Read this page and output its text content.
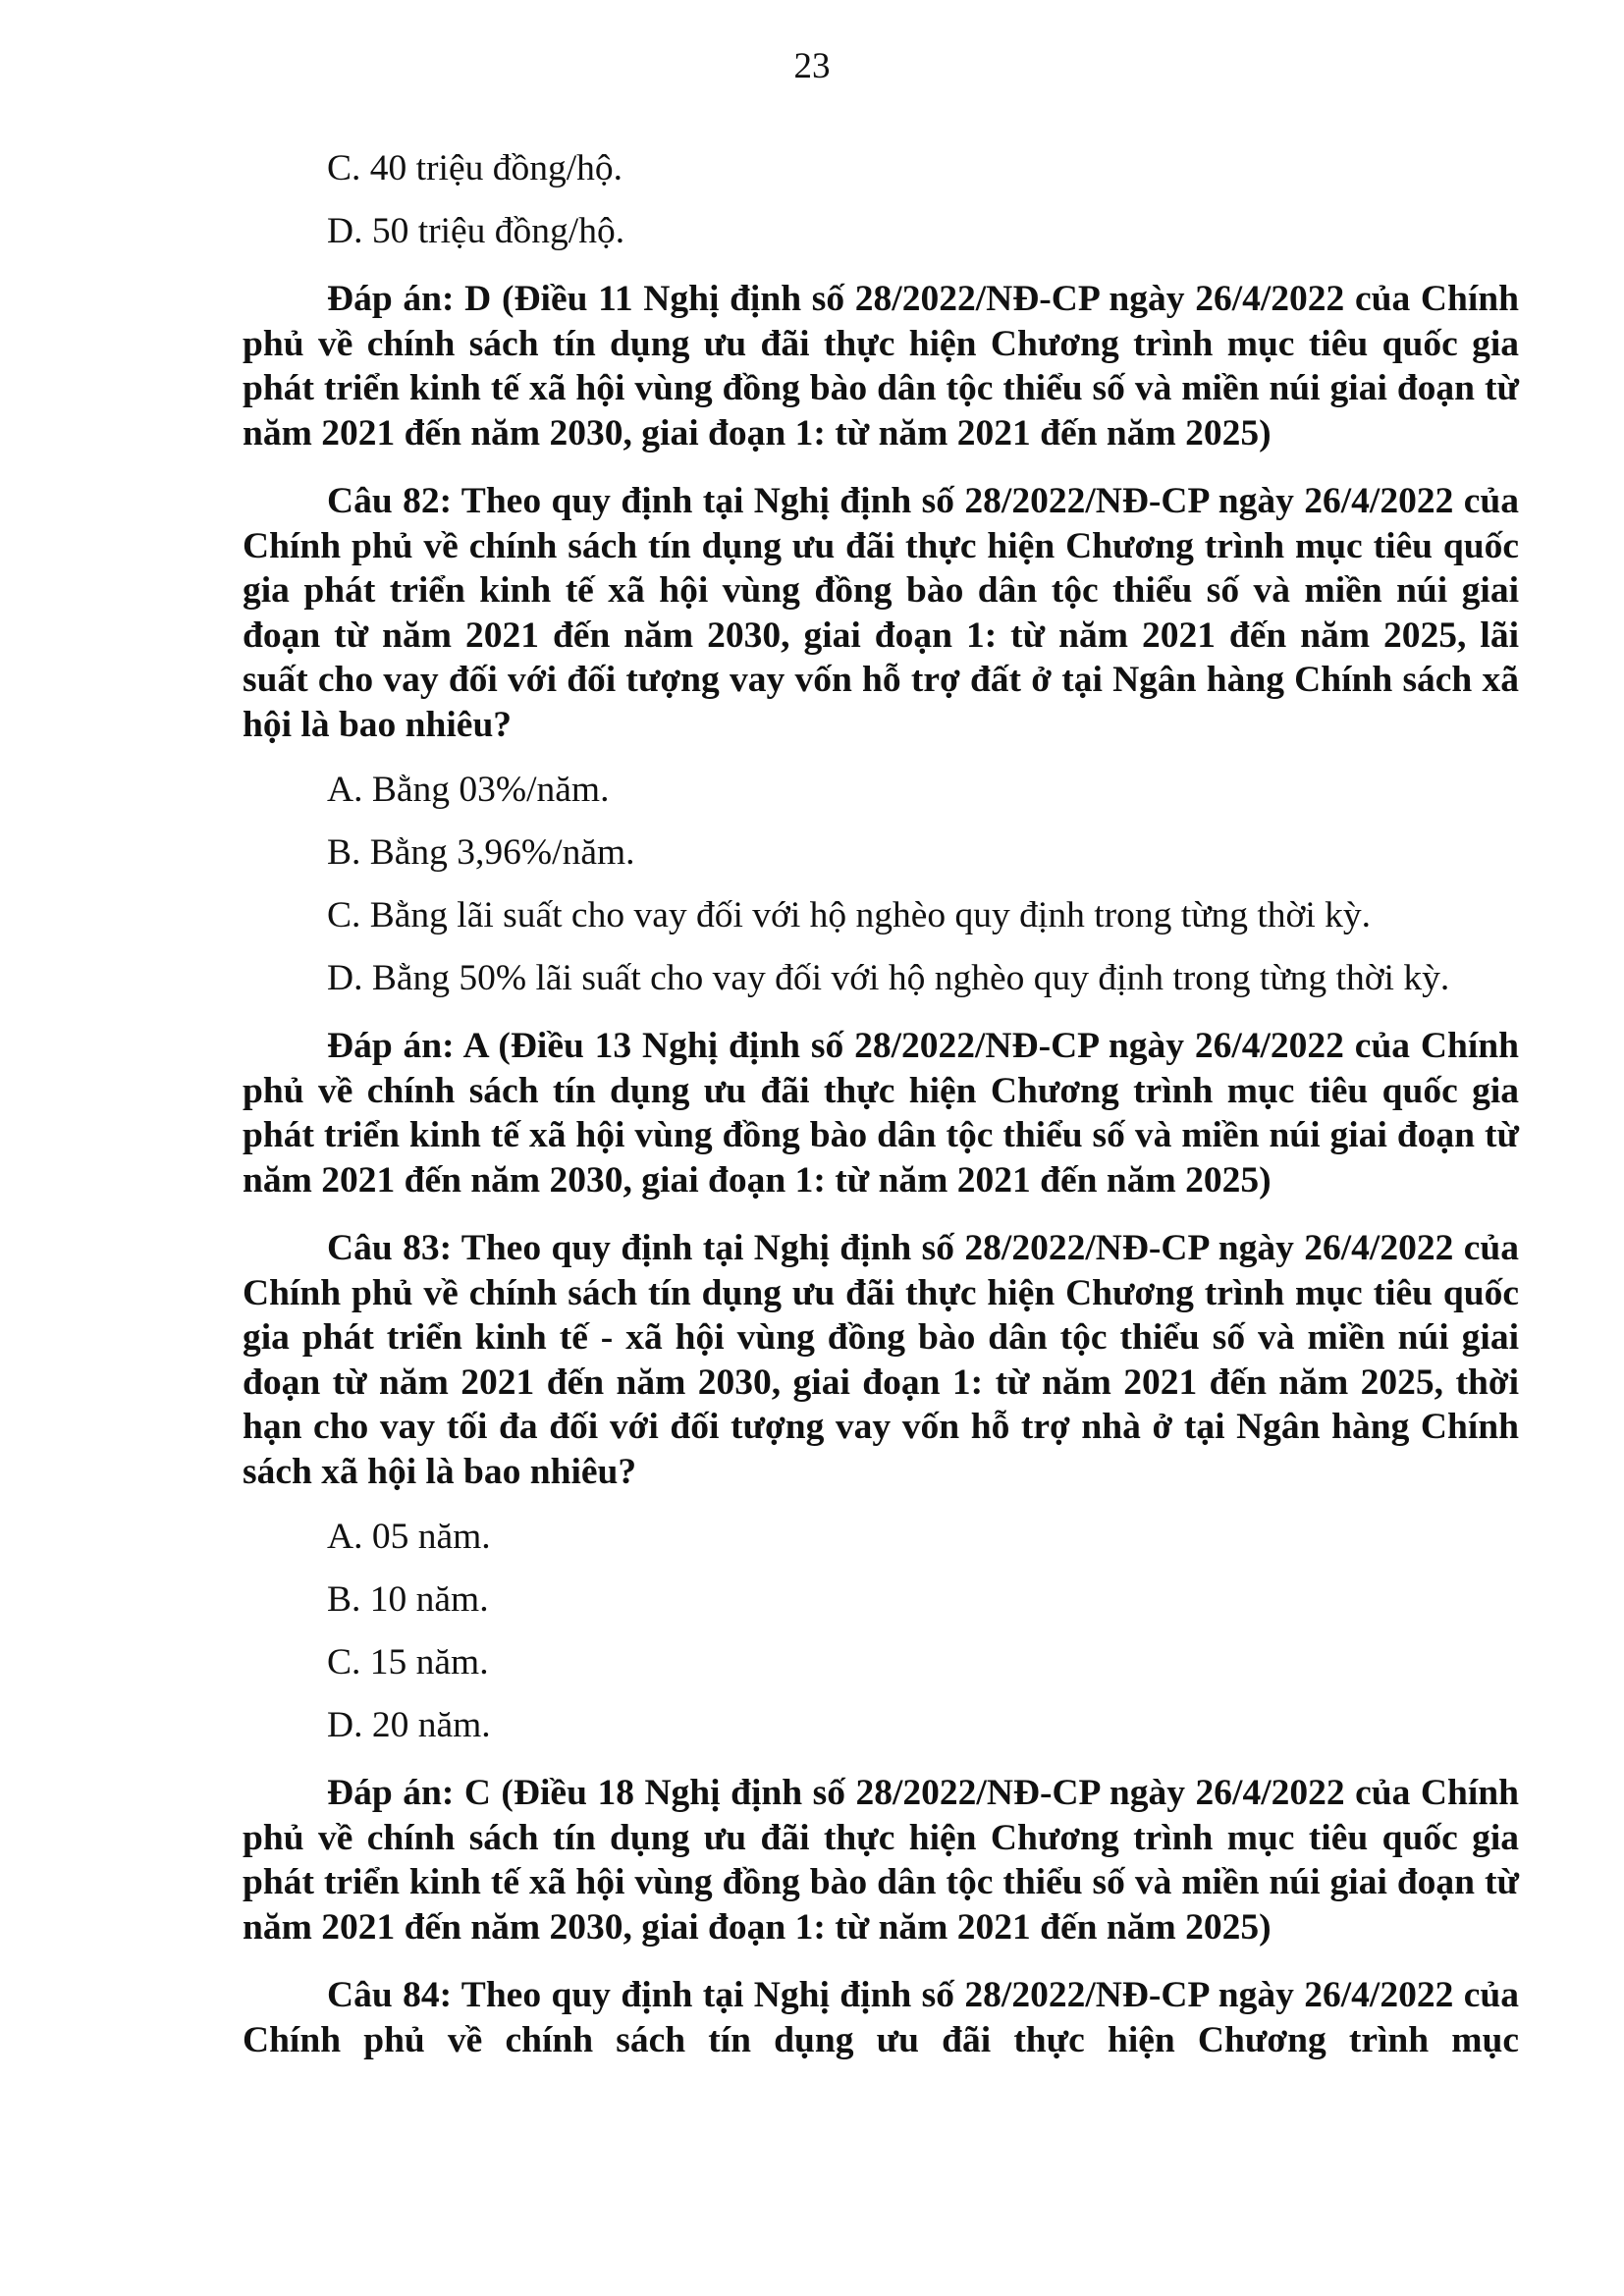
23
C. 40 triệu đồng/hộ.
D. 50 triệu đồng/hộ.
Đáp án: D (Điều 11 Nghị định số 28/2022/NĐ-CP ngày 26/4/2022 của Chính phủ về chính sách tín dụng ưu đãi thực hiện Chương trình mục tiêu quốc gia phát triển kinh tế xã hội vùng đồng bào dân tộc thiểu số và miền núi giai đoạn từ năm 2021 đến năm 2030, giai đoạn 1: từ năm 2021 đến năm 2025)
Câu 82: Theo quy định tại Nghị định số 28/2022/NĐ-CP ngày 26/4/2022 của Chính phủ về chính sách tín dụng ưu đãi thực hiện Chương trình mục tiêu quốc gia phát triển kinh tế xã hội vùng đồng bào dân tộc thiểu số và miền núi giai đoạn từ năm 2021 đến năm 2030, giai đoạn 1: từ năm 2021 đến năm 2025, lãi suất cho vay đối với đối tượng vay vốn hỗ trợ đất ở tại Ngân hàng Chính sách xã hội là bao nhiêu?
A. Bằng 03%/năm.
B. Bằng 3,96%/năm.
C. Bằng lãi suất cho vay đối với hộ nghèo quy định trong từng thời kỳ.
D. Bằng 50% lãi suất cho vay đối với hộ nghèo quy định trong từng thời kỳ.
Đáp án: A (Điều 13 Nghị định số 28/2022/NĐ-CP ngày 26/4/2022 của Chính phủ về chính sách tín dụng ưu đãi thực hiện Chương trình mục tiêu quốc gia phát triển kinh tế xã hội vùng đồng bào dân tộc thiểu số và miền núi giai đoạn từ năm 2021 đến năm 2030, giai đoạn 1: từ năm 2021 đến năm 2025)
Câu 83: Theo quy định tại Nghị định số 28/2022/NĐ-CP ngày 26/4/2022 của Chính phủ về chính sách tín dụng ưu đãi thực hiện Chương trình mục tiêu quốc gia phát triển kinh tế - xã hội vùng đồng bào dân tộc thiểu số và miền núi giai đoạn từ năm 2021 đến năm 2030, giai đoạn 1: từ năm 2021 đến năm 2025, thời hạn cho vay tối đa đối với đối tượng vay vốn hỗ trợ nhà ở tại Ngân hàng Chính sách xã hội là bao nhiêu?
A. 05 năm.
B. 10 năm.
C. 15 năm.
D. 20 năm.
Đáp án: C (Điều 18 Nghị định số 28/2022/NĐ-CP ngày 26/4/2022 của Chính phủ về chính sách tín dụng ưu đãi thực hiện Chương trình mục tiêu quốc gia phát triển kinh tế xã hội vùng đồng bào dân tộc thiểu số và miền núi giai đoạn từ năm 2021 đến năm 2030, giai đoạn 1: từ năm 2021 đến năm 2025)
Câu 84: Theo quy định tại Nghị định số 28/2022/NĐ-CP ngày 26/4/2022 của Chính phủ về chính sách tín dụng ưu đãi thực hiện Chương trình mục
